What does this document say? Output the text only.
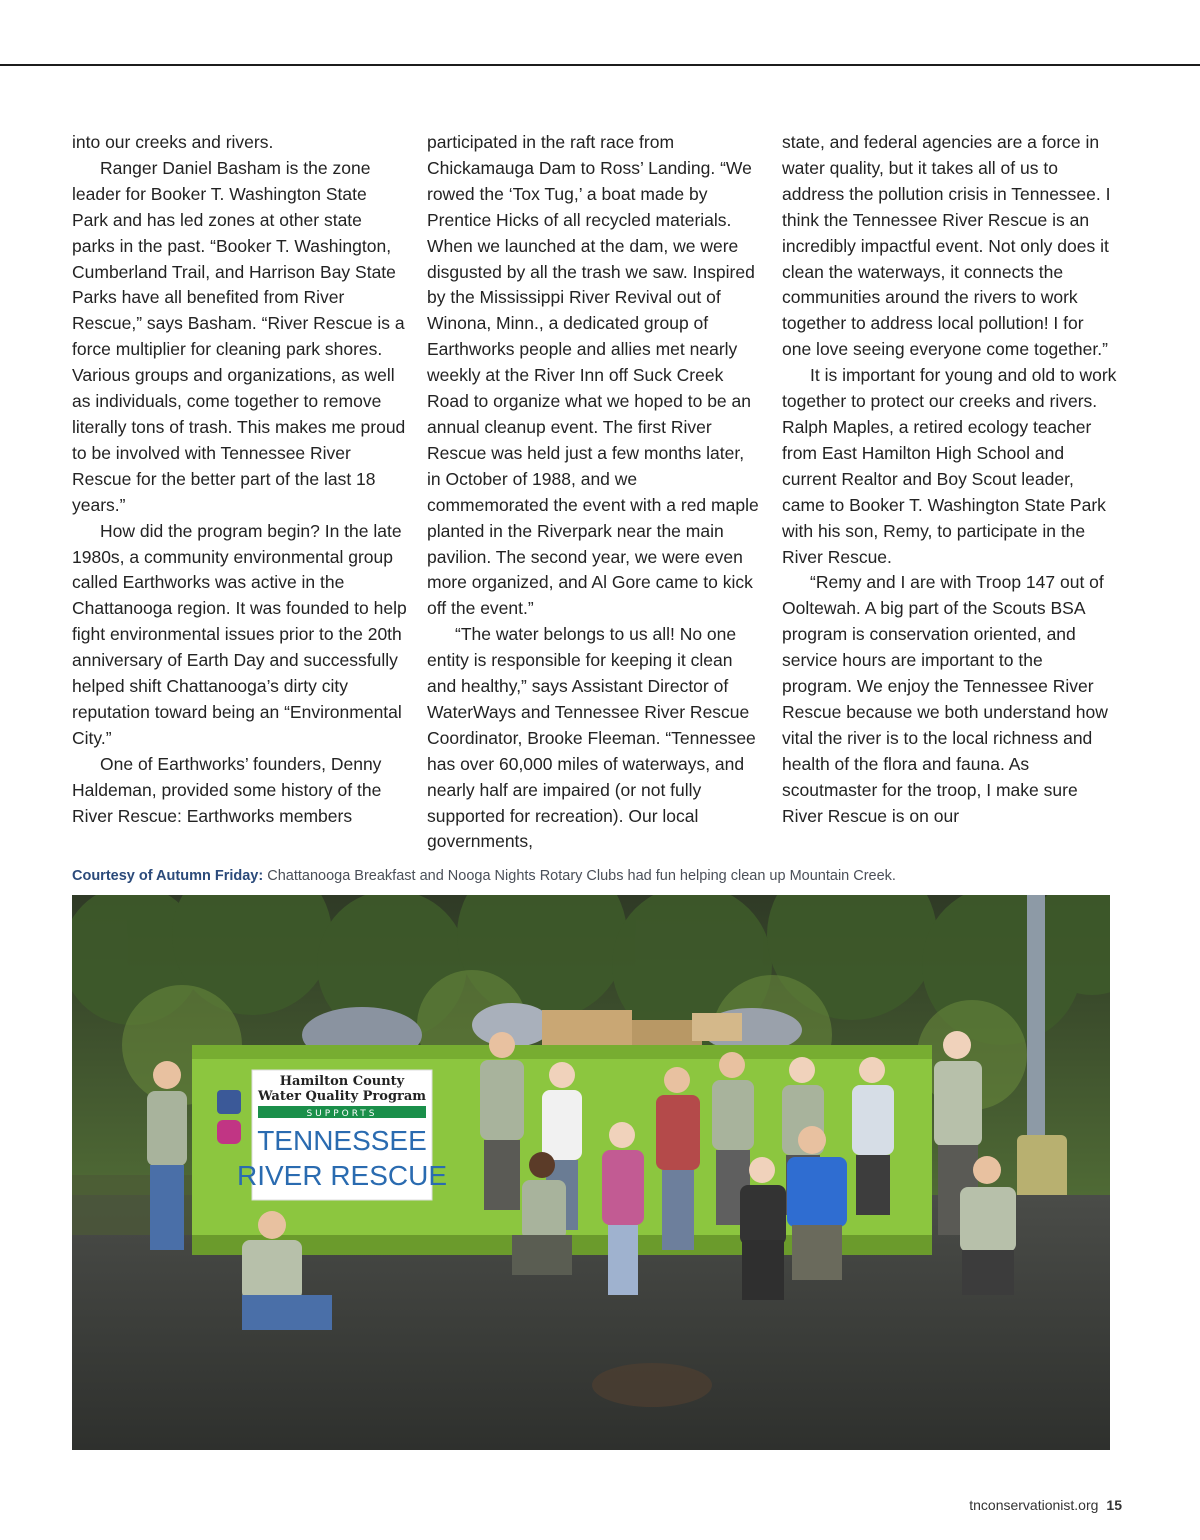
into our creeks and rivers.

Ranger Daniel Basham is the zone leader for Booker T. Washington State Park and has led zones at other state parks in the past. “Booker T. Washington, Cumberland Trail, and Harrison Bay State Parks have all benefited from River Rescue,” says Basham. “River Rescue is a force multiplier for cleaning park shores. Various groups and organizations, as well as individuals, come together to remove literally tons of trash. This makes me proud to be involved with Tennessee River Rescue for the better part of the last 18 years.”

How did the program begin? In the late 1980s, a community environmental group called Earthworks was active in the Chattanooga region. It was founded to help fight environmental issues prior to the 20th anniversary of Earth Day and successfully helped shift Chattanooga’s dirty city reputation toward being an “Environmental City.”

One of Earthworks’ founders, Denny Haldeman, provided some history of the River Rescue: Earthworks members

participated in the raft race from Chickamauga Dam to Ross’ Landing. “We rowed the ‘Tox Tug,’ a boat made by Prentice Hicks of all recycled materials. When we launched at the dam, we were disgusted by all the trash we saw. Inspired by the Mississippi River Revival out of Winona, Minn., a dedicated group of Earthworks people and allies met nearly weekly at the River Inn off Suck Creek Road to organize what we hoped to be an annual cleanup event. The first River Rescue was held just a few months later, in October of 1988, and we commemorated the event with a red maple planted in the Riverpark near the main pavilion. The second year, we were even more organized, and Al Gore came to kick off the event.”

“The water belongs to us all! No one entity is responsible for keeping it clean and healthy,” says Assistant Director of WaterWays and Tennessee River Rescue Coordinator, Brooke Fleeman. “Tennessee has over 60,000 miles of waterways, and nearly half are impaired (or not fully supported for recreation). Our local governments,

state, and federal agencies are a force in water quality, but it takes all of us to address the pollution crisis in Tennessee. I think the Tennessee River Rescue is an incredibly impactful event. Not only does it clean the waterways, it connects the communities around the rivers to work together to address local pollution! I for one love seeing everyone come together.”

It is important for young and old to work together to protect our creeks and rivers. Ralph Maples, a retired ecology teacher from East Hamilton High School and current Realtor and Boy Scout leader, came to Booker T. Washington State Park with his son, Remy, to participate in the River Rescue.

“Remy and I are with Troop 147 out of Ooltewah. A big part of the Scouts BSA program is conservation oriented, and service hours are important to the program. We enjoy the Tennessee River Rescue because we both understand how vital the river is to the local richness and health of the flora and fauna. As scoutmaster for the troop, I make sure River Rescue is on our

Courtesy of Autumn Friday: Chattanooga Breakfast and Nooga Nights Rotary Clubs had fun helping clean up Mountain Creek.
Hamilton County
Water Quality Program
SUPPORTS
TENNESSEE
RIVER RESCUE
tnconservationist.org 15
